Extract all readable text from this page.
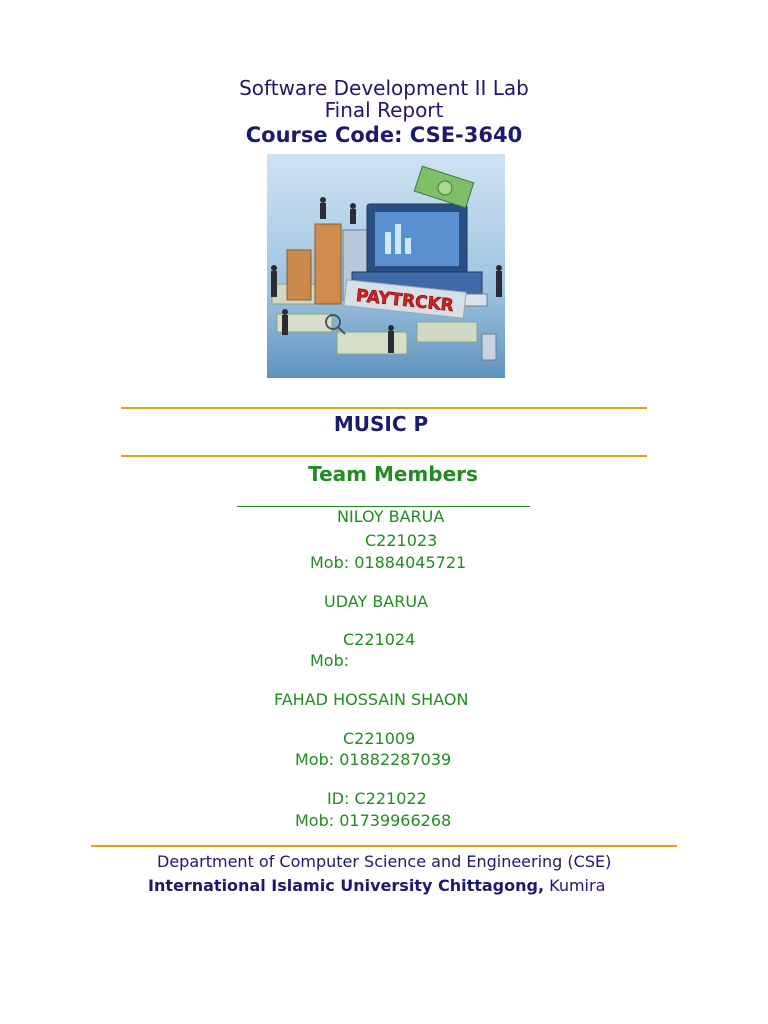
Software Development II Lab
Final Report
Course Code: CSE-3640
PAYTRCKR
MUSIC P
Team Members
NILOY BARUA
C221023
Mob: 01884045721
UDAY BARUA
C221024
Mob:
FAHAD HOSSAIN SHAON
C221009
Mob: 01882287039
ID: C221022
Mob: 01739966268
Department of Computer Science and Engineering (CSE)
International Islamic University Chittagong, Kumira
